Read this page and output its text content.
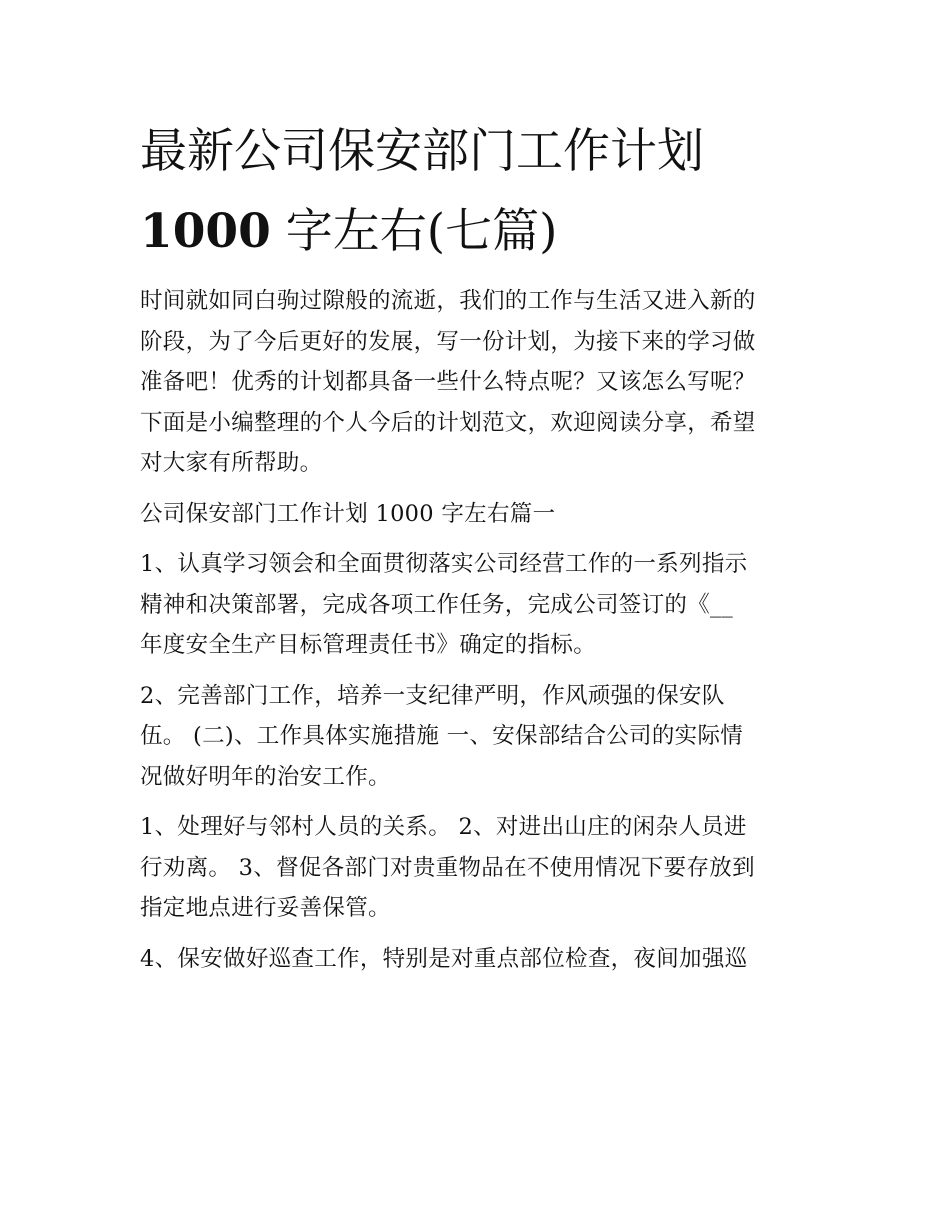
最新公司保安部门工作计划
1000 字左右(七篇)

时间就如同白驹过隙般的流逝，我们的工作与生活又进入新的
阶段，为了今后更好的发展，写一份计划，为接下来的学习做
准备吧！优秀的计划都具备一些什么特点呢？又该怎么写呢？
下面是小编整理的个人今后的计划范文，欢迎阅读分享，希望
对大家有所帮助。

公司保安部门工作计划 1000 字左右篇一

1、认真学习领会和全面贯彻落实公司经营工作的一系列指示
精神和决策部署，完成各项工作任务，完成公司签订的《__
年度安全生产目标管理责任书》确定的指标。

2、完善部门工作，培养一支纪律严明，作风顽强的保安队
伍。 (二)、工作具体实施措施 一、安保部结合公司的实际情
况做好明年的治安工作。

1、处理好与邻村人员的关系。 2、对进出山庄的闲杂人员进
行劝离。 3、督促各部门对贵重物品在不使用情况下要存放到
指定地点进行妥善保管。

4、保安做好巡查工作，特别是对重点部位检查，夜间加强巡
